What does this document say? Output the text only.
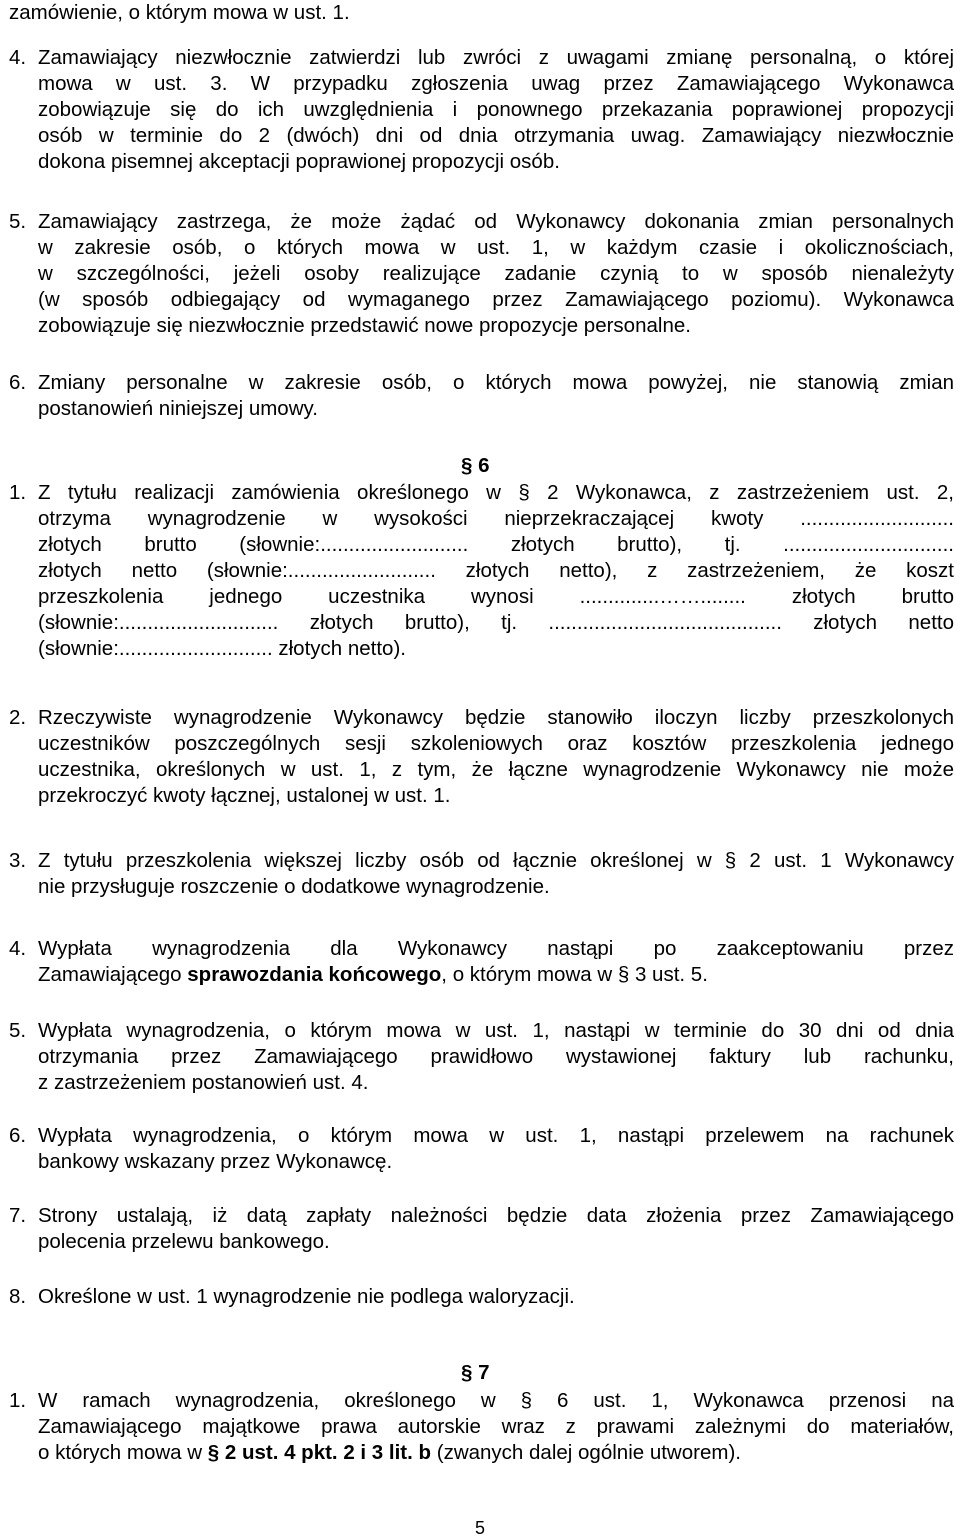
zamówienie, o którym mowa w ust. 1.
4. Zamawiający niezwłocznie zatwierdzi lub zwróci z uwagami zmianę personalną, o której
mowa w ust. 3. W przypadku zgłoszenia uwag przez Zamawiającego Wykonawca
zobowiązuje się do ich uwzględnienia i ponownego przekazania poprawionej propozycji
osób w terminie do 2 (dwóch) dni od dnia otrzymania uwag. Zamawiający niezwłocznie
dokona pisemnej akceptacji poprawionej propozycji osób.
5. Zamawiający zastrzega, że może żądać od Wykonawcy dokonania zmian personalnych
w zakresie osób, o których mowa w ust. 1, w każdym czasie i okolicznościach,
w szczególności, jeżeli osoby realizujące zadanie czynią to w sposób nienależyty
(w sposób odbiegający od wymaganego przez Zamawiającego poziomu). Wykonawca
zobowiązuje się niezwłocznie przedstawić nowe propozycje personalne.
6. Zmiany personalne w zakresie osób, o których mowa powyżej, nie stanowią zmian
postanowień niniejszej umowy.
1. Z tytułu realizacji zamówienia określonego w § 2 Wykonawca, z zastrzeżeniem ust. 2,
otrzyma wynagrodzenie w wysokości nieprzekraczającej kwoty ...........................
złotych brutto (słownie:.......................... złotych brutto), tj. ..............................
złotych netto (słownie:.......................... złotych netto), z zastrzeżeniem, że koszt
przeszkolenia jednego uczestnika wynosi ..............……........ złotych brutto
(słownie:............................ złotych brutto), tj. ......................................... złotych netto
(słownie:........................... złotych netto).
2. Rzeczywiste wynagrodzenie Wykonawcy będzie stanowiło iloczyn liczby przeszkolonych
uczestników poszczególnych sesji szkoleniowych oraz kosztów przeszkolenia jednego
uczestnika, określonych w ust. 1, z tym, że łączne wynagrodzenie Wykonawcy nie może
przekroczyć kwoty łącznej, ustalonej w ust. 1.
3. Z tytułu przeszkolenia większej liczby osób od łącznie określonej w § 2 ust. 1 Wykonawcy
nie przysługuje roszczenie o dodatkowe wynagrodzenie.
4. Wypłata wynagrodzenia dla Wykonawcy nastąpi po zaakceptowaniu przez
Zamawiającego sprawozdania końcowego, o którym mowa w § 3 ust. 5.
5. Wypłata wynagrodzenia, o którym mowa w ust. 1, nastąpi w terminie do 30 dni od dnia
otrzymania przez Zamawiającego prawidłowo wystawionej faktury lub rachunku,
z zastrzeżeniem postanowień ust. 4.
6. Wypłata wynagrodzenia, o którym mowa w ust. 1, nastąpi przelewem na rachunek
bankowy wskazany przez Wykonawcę.
7. Strony ustalają, iż datą zapłaty należności będzie data złożenia przez Zamawiającego
polecenia przelewu bankowego.
8. Określone w ust. 1 wynagrodzenie nie podlega waloryzacji.
1. W ramach wynagrodzenia, określonego w § 6 ust. 1, Wykonawca przenosi na
Zamawiającego majątkowe prawa autorskie wraz z prawami zależnymi do materiałów,
o których mowa w § 2 ust. 4 pkt. 2 i 3 lit. b (zwanych dalej ogólnie utworem).
§ 6
§ 7
5
